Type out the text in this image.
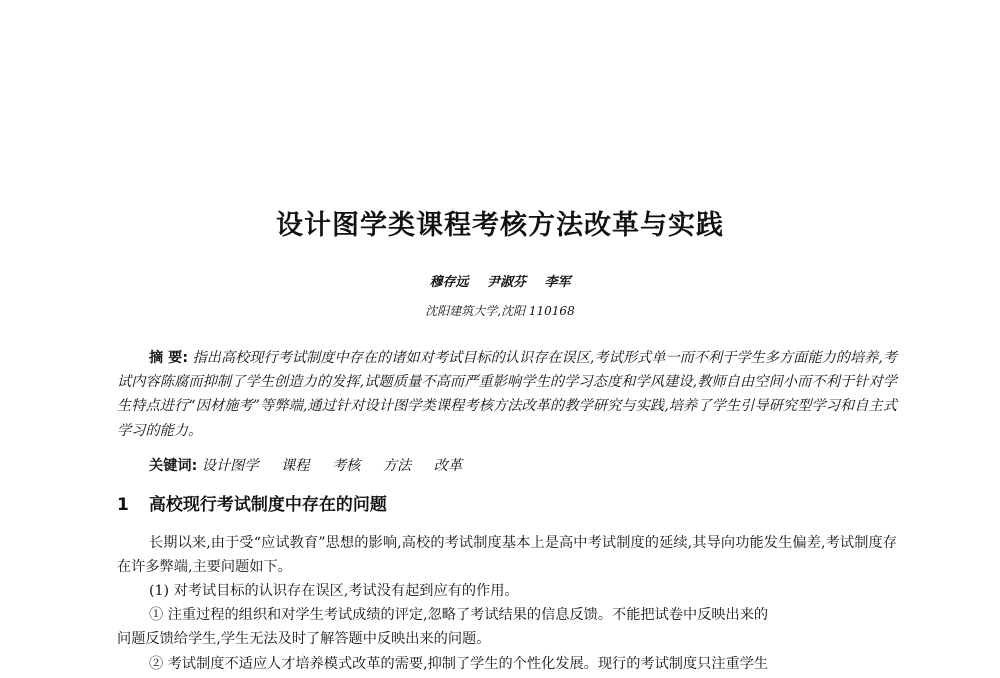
设计图学类课程考核方法改革与实践
穆存远 尹淑芬 李军
沈阳建筑大学,沈阳 110168
摘 要: 指出高校现行考试制度中存在的诸如对考试目标的认识存在误区,考试形式单一而不利于学生多方面能力的培养,考试内容陈腐而抑制了学生创造力的发挥,试题质量不高而严重影响学生的学习态度和学风建设,教师自由空间小而不利于针对学生特点进行“因材施考”等弊端,通过针对设计图学类课程考核方法改革的教学研究与实践,培养了学生引导研究型学习和自主式学习的能力。
关键词: 设计图学 课程 考核 方法 改革
1 高校现行考试制度中存在的问题
长期以来,由于受“应试教育”思想的影响,高校的考试制度基本上是高中考试制度的延续,其导向功能发生偏差,考试制度存在许多弊端,主要问题如下。
(1) 对考试目标的认识存在误区,考试没有起到应有的作用。
① 注重过程的组织和对学生考试成绩的评定,忽略了考试结果的信息反馈。不能把试卷中反映出来的
问题反馈给学生,学生无法及时了解答题中反映出来的问题。
② 考试制度不适应人才培养模式改革的需要,抑制了学生的个性化发展。现行的考试制度只注重学生
